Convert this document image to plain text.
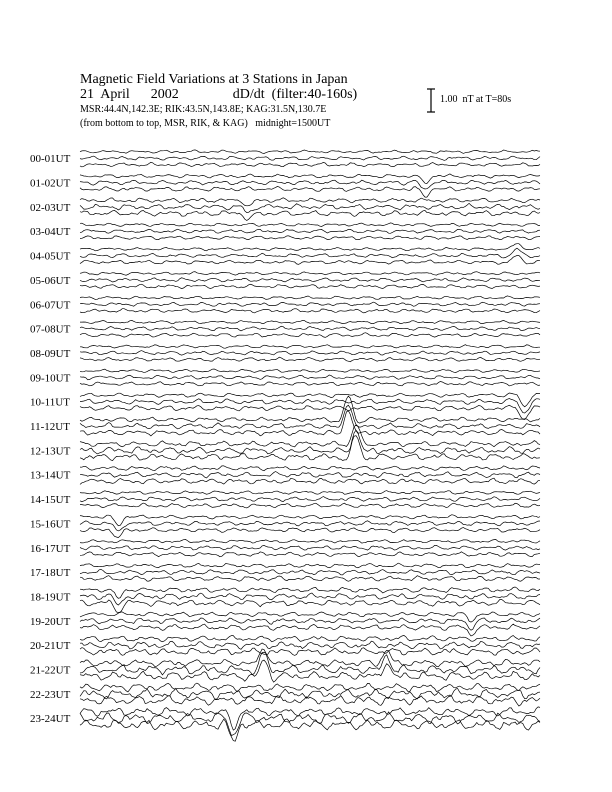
Magnetic Field Variations at 3 Stations in Japan
21  April      2002	dD/dt  (filter:40-160s)
MSR:44.4N,142.3E; RIK:43.5N,143.8E; KAG:31.5N,130.7E
(from bottom to top, MSR, RIK, & KAG)   midnight=1500UT
1.00  nT at T=80s
00-01UT
01-02UT
02-03UT
03-04UT
04-05UT
05-06UT
06-07UT
07-08UT
08-09UT
09-10UT
10-11UT
11-12UT
12-13UT
13-14UT
14-15UT
15-16UT
16-17UT
17-18UT
18-19UT
19-20UT
20-21UT
21-22UT
22-23UT
23-24UT
